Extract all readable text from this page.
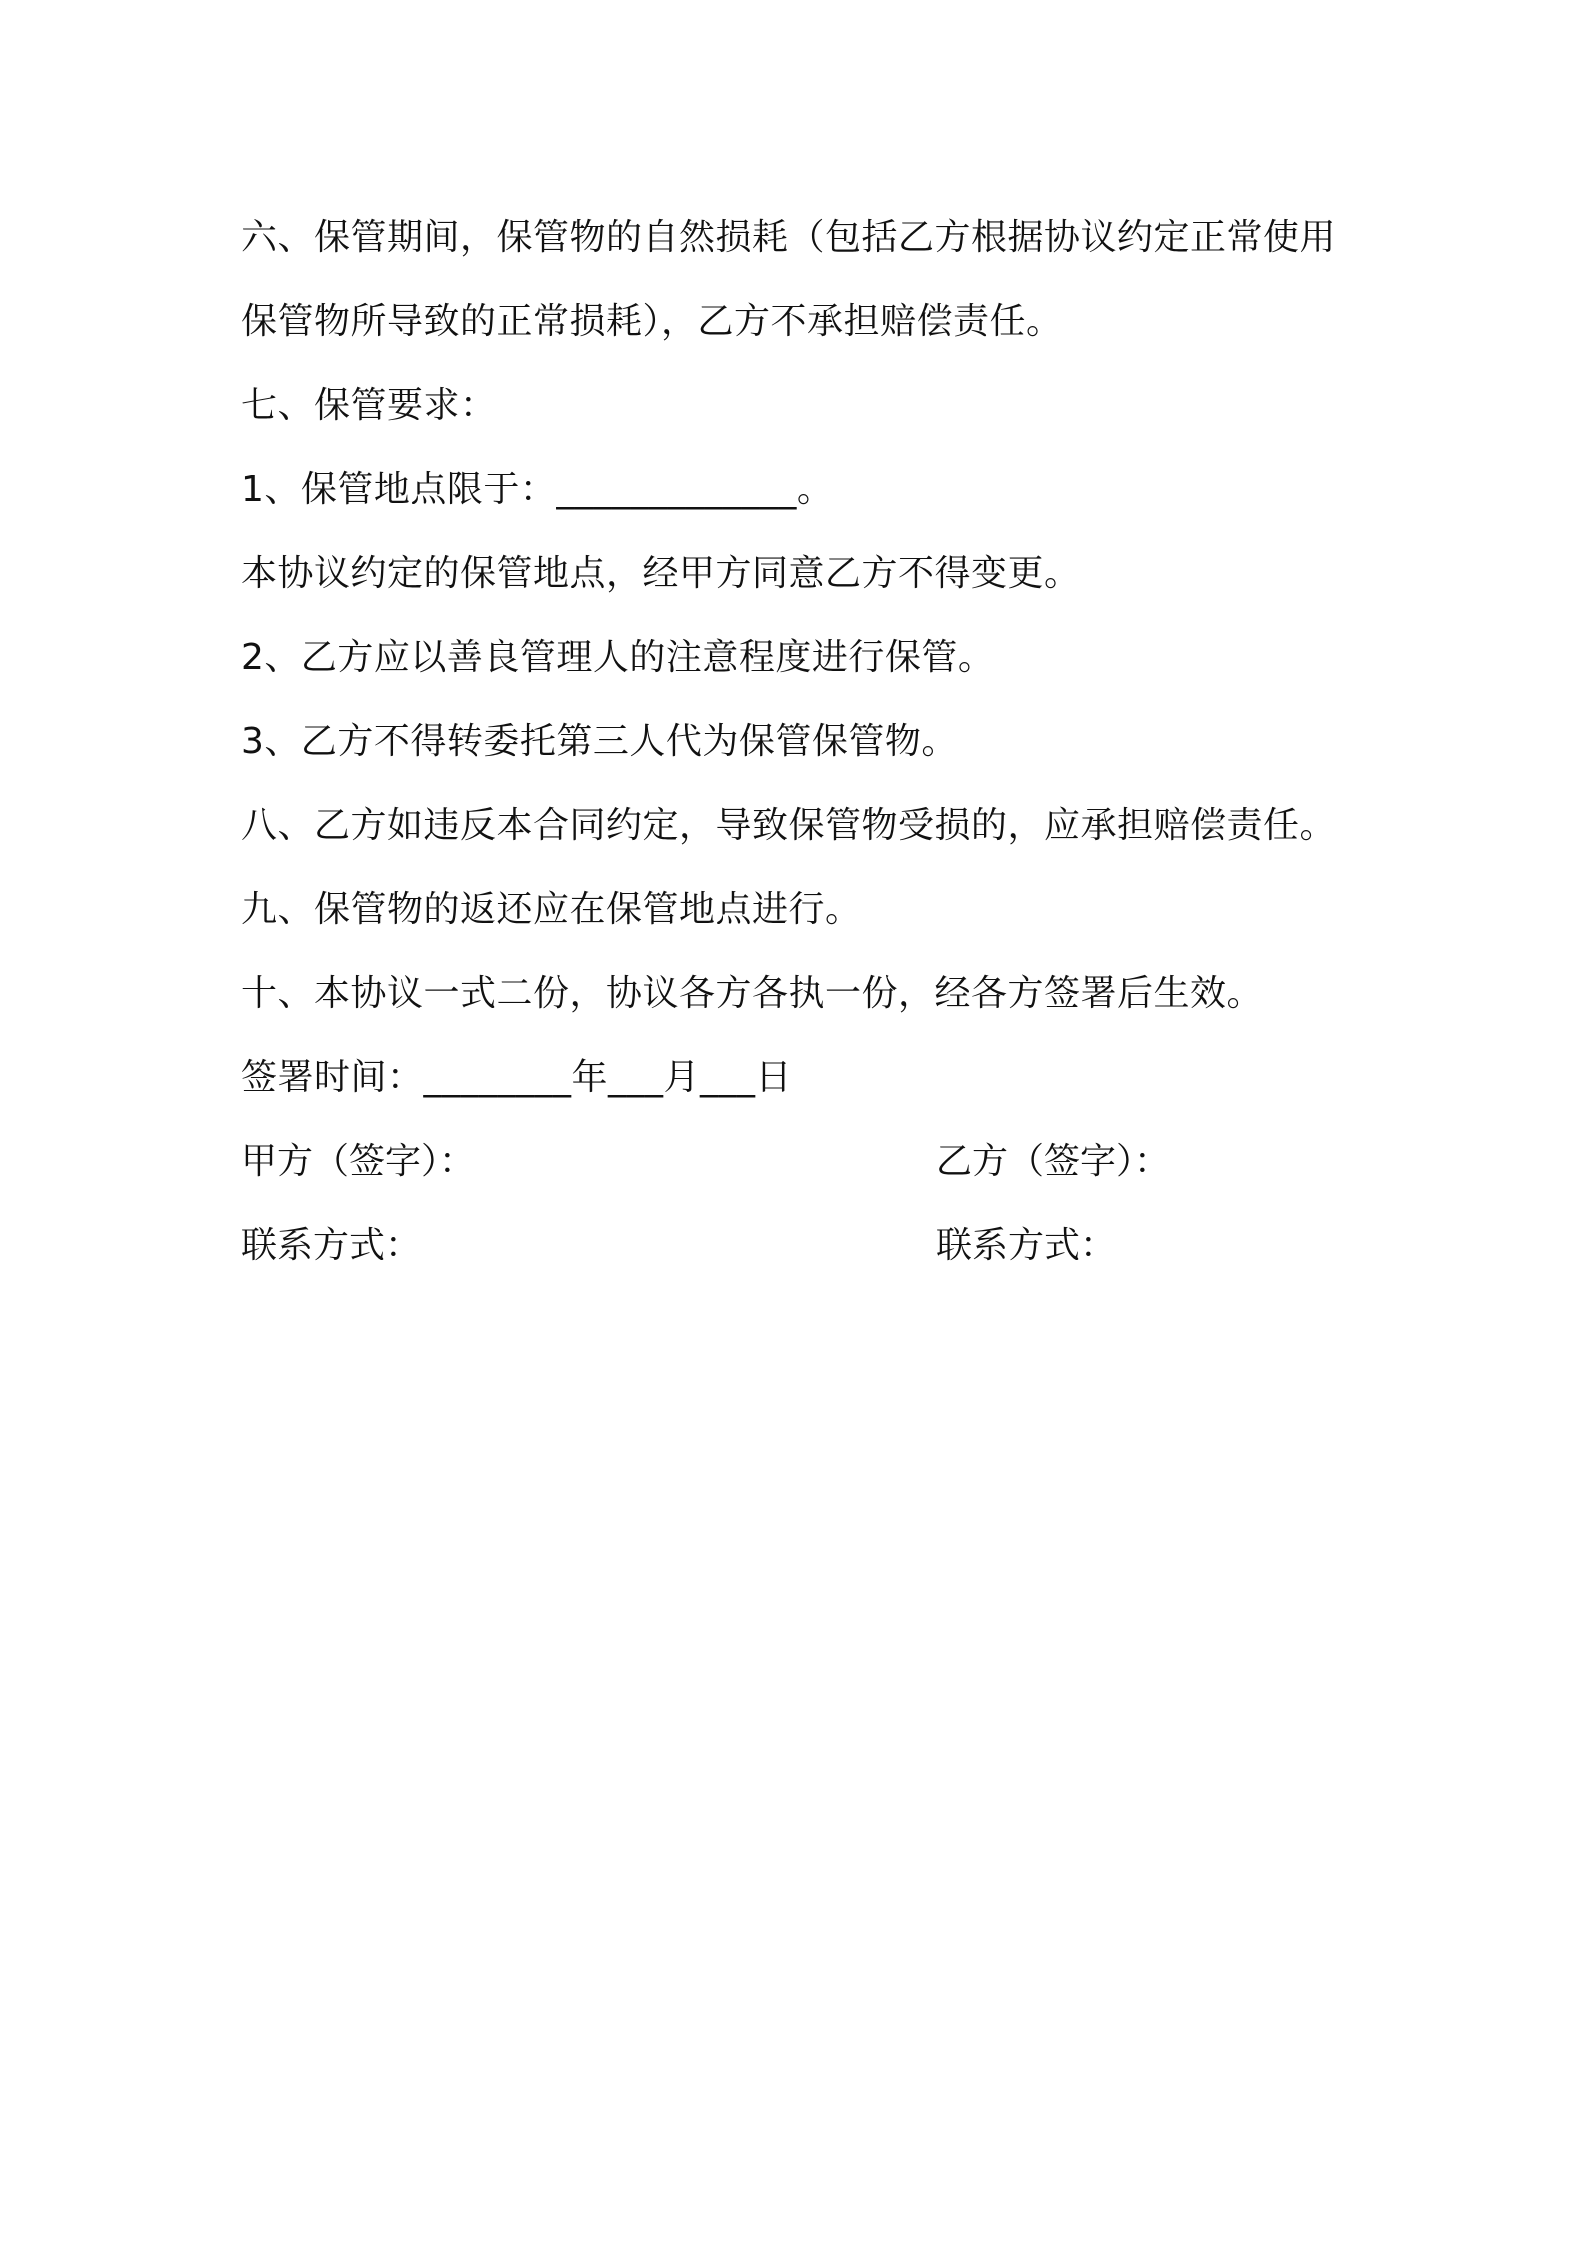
六、保管期间，保管物的自然损耗（包括乙方根据协议约定正常使用
保管物所导致的正常损耗），乙方不承担赔偿责任。
七、保管要求：
1、保管地点限于：_____________。
本协议约定的保管地点，经甲方同意乙方不得变更。
2、乙方应以善良管理人的注意程度进行保管。
3、乙方不得转委托第三人代为保管保管物。
八、乙方如违反本合同约定，导致保管物受损的，应承担赔偿责任。
九、保管物的返还应在保管地点进行。
十、本协议一式二份，协议各方各执一份，经各方签署后生效。
签署时间：________年___月___日
甲方（签字）：	乙方（签字）：
联系方式：	联系方式：
